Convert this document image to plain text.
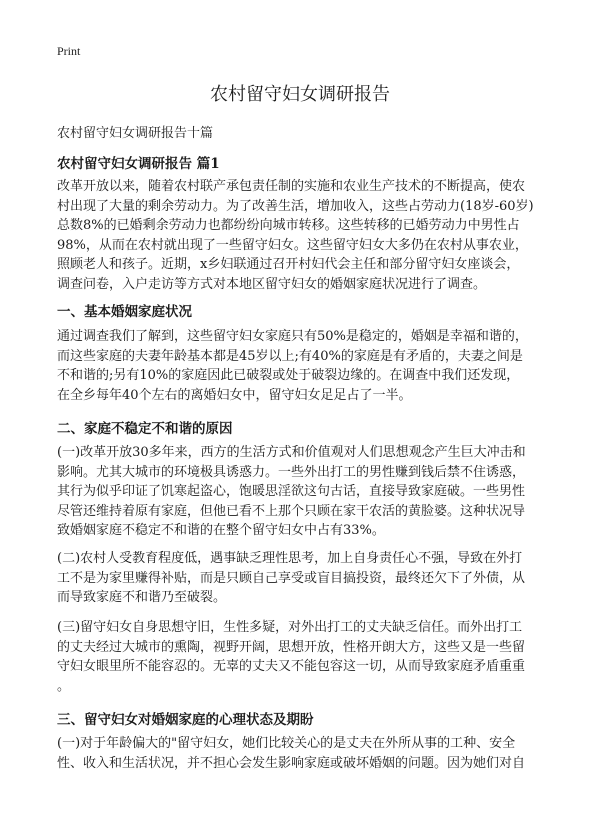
Print
农村留守妇女调研报告
农村留守妇女调研报告十篇
农村留守妇女调研报告 篇1
改革开放以来，随着农村联产承包责任制的实施和农业生产技术的不断提高，使农
村出现了大量的剩余劳动力。为了改善生活，增加收入，这些占劳动力(18岁-60岁)
总数8%的已婚剩余劳动力也都纷纷向城市转移。这些转移的已婚劳动力中男性占
98%，从而在农村就出现了一些留守妇女。这些留守妇女大多仍在农村从事农业，
照顾老人和孩子。近期，x乡妇联通过召开村妇代会主任和部分留守妇女座谈会，
调查问卷，入户走访等方式对本地区留守妇女的婚姻家庭状况进行了调查。
一、基本婚姻家庭状况
通过调查我们了解到，这些留守妇女家庭只有50%是稳定的，婚姻是幸福和谐的，
而这些家庭的夫妻年龄基本都是45岁以上;有40%的家庭是有矛盾的，夫妻之间是
不和谐的;另有10%的家庭因此已破裂或处于破裂边缘的。在调查中我们还发现，
在全乡每年40个左右的离婚妇女中，留守妇女足足占了一半。
二、家庭不稳定不和谐的原因
(一)改革开放30多年来，西方的生活方式和价值观对人们思想观念产生巨大冲击和
影响。尤其大城市的环境极具诱惑力。一些外出打工的男性赚到钱后禁不住诱惑，
其行为似乎印证了饥寒起盗心，饱暖思淫欲这句古话，直接导致家庭破。一些男性
尽管还维持着原有家庭，但他已看不上那个只顾在家干农活的黄脸婆。这种状况导
致婚姻家庭不稳定不和谐的在整个留守妇女中占有33%。
(二)农村人受教育程度低，遇事缺乏理性思考，加上自身责任心不强，导致在外打
工不是为家里赚得补贴，而是只顾自己享受或盲目搞投资，最终还欠下了外债，从
而导致家庭不和谐乃至破裂。
(三)留守妇女自身思想守旧，生性多疑，对外出打工的丈夫缺乏信任。而外出打工
的丈夫经过大城市的熏陶，视野开阔，思想开放，性格开朗大方，这些又是一些留
守妇女眼里所不能容忍的。无辜的丈夫又不能包容这一切，从而导致家庭矛盾重重
。
三、留守妇女对婚姻家庭的心理状态及期盼
(一)对于年龄偏大的"留守妇女，她们比较关心的是丈夫在外所从事的工种、安全
性、收入和生活状况，并不担心会发生影响家庭或破坏婚姻的问题。因为她们对自
